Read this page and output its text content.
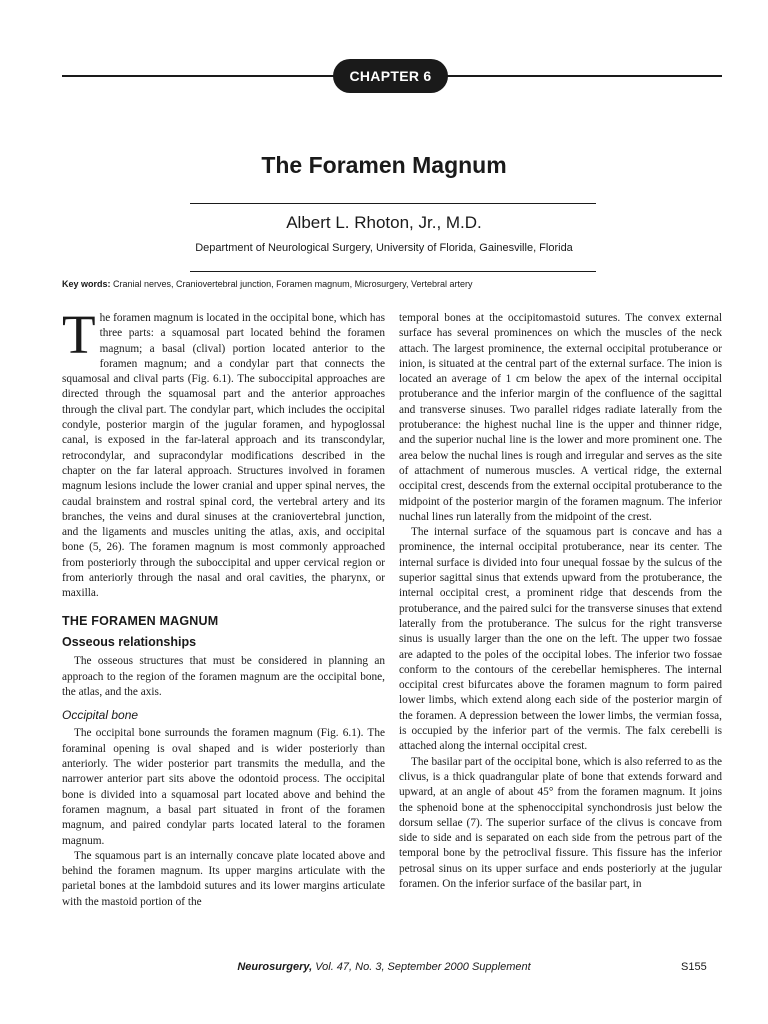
CHAPTER 6
The Foramen Magnum
Albert L. Rhoton, Jr., M.D.
Department of Neurological Surgery, University of Florida, Gainesville, Florida
Key words: Cranial nerves, Craniovertebral junction, Foramen magnum, Microsurgery, Vertebral artery

The foramen magnum is located in the occipital bone, which has three parts: a squamosal part located behind the foramen magnum; a basal (clival) portion located anterior to the foramen magnum; and a condylar part that connects the squamosal and clival parts (Fig. 6.1). The suboccipital approaches are directed through the squamosal part and the anterior approaches through the clival part. The condylar part, which includes the occipital condyle, posterior margin of the jugular foramen, and hypoglossal canal, is exposed in the far-lateral approach and its transcondylar, retrocondylar, and supracondylar modifications described in the chapter on the far lateral approach. Structures involved in foramen magnum lesions include the lower cranial and upper spinal nerves, the caudal brainstem and rostral spinal cord, the vertebral artery and its branches, the veins and dural sinuses at the craniovertebral junction, and the ligaments and muscles uniting the atlas, axis, and occipital bone (5, 26). The foramen magnum is most commonly approached from posteriorly through the suboccipital and upper cervical region or from anteriorly through the nasal and oral cavities, the pharynx, or maxilla.

THE FORAMEN MAGNUM
Osseous relationships

The osseous structures that must be considered in planning an approach to the region of the foramen magnum are the occipital bone, the atlas, and the axis.

Occipital bone

The occipital bone surrounds the foramen magnum (Fig. 6.1). The foraminal opening is oval shaped and is wider posteriorly than anteriorly. The wider posterior part transmits the medulla, and the narrower anterior part sits above the odontoid process. The occipital bone is divided into a squamosal part located above and behind the foramen magnum, a basal part situated in front of the foramen magnum, and paired condylar parts located lateral to the foramen magnum.

The squamous part is an internally concave plate located above and behind the foramen magnum. Its upper margins articulate with the parietal bones at the lambdoid sutures and its lower margins articulate with the mastoid portion of the

temporal bones at the occipitomastoid sutures. The convex external surface has several prominences on which the muscles of the neck attach. The largest prominence, the external occipital protuberance or inion, is situated at the central part of the external surface. The inion is located an average of 1 cm below the apex of the internal occipital protuberance and the inferior margin of the confluence of the sagittal and transverse sinuses. Two parallel ridges radiate laterally from the protuberance: the highest nuchal line is the upper and thinner ridge, and the superior nuchal line is the lower and more prominent one. The area below the nuchal lines is rough and irregular and serves as the site of attachment of numerous muscles. A vertical ridge, the external occipital crest, descends from the external occipital protuberance to the midpoint of the posterior margin of the foramen magnum. The inferior nuchal lines run laterally from the midpoint of the crest.

The internal surface of the squamous part is concave and has a prominence, the internal occipital protuberance, near its center. The internal surface is divided into four unequal fossae by the sulcus of the superior sagittal sinus that extends upward from the protuberance, the internal occipital crest, a prominent ridge that descends from the protuberance, and the paired sulci for the transverse sinuses that extend laterally from the protuberance. The sulcus for the right transverse sinus is usually larger than the one on the left. The upper two fossae are adapted to the poles of the occipital lobes. The inferior two fossae conform to the contours of the cerebellar hemispheres. The internal occipital crest bifurcates above the foramen magnum to form paired lower limbs, which extend along each side of the posterior margin of the foramen. A depression between the lower limbs, the vermian fossa, is occupied by the inferior part of the vermis. The falx cerebelli is attached along the internal occipital crest.

The basilar part of the occipital bone, which is also referred to as the clivus, is a thick quadrangular plate of bone that extends forward and upward, at an angle of about 45° from the foramen magnum. It joins the sphenoid bone at the sphenoccipital synchondrosis just below the dorsum sellae (7). The superior surface of the clivus is concave from side to side and is separated on each side from the petrous part of the temporal bone by the petroclival fissure. This fissure has the inferior petrosal sinus on its upper surface and ends posteriorly at the jugular foramen. On the inferior surface of the basilar part, in

Neurosurgery, Vol. 47, No. 3, September 2000 Supplement	S155
